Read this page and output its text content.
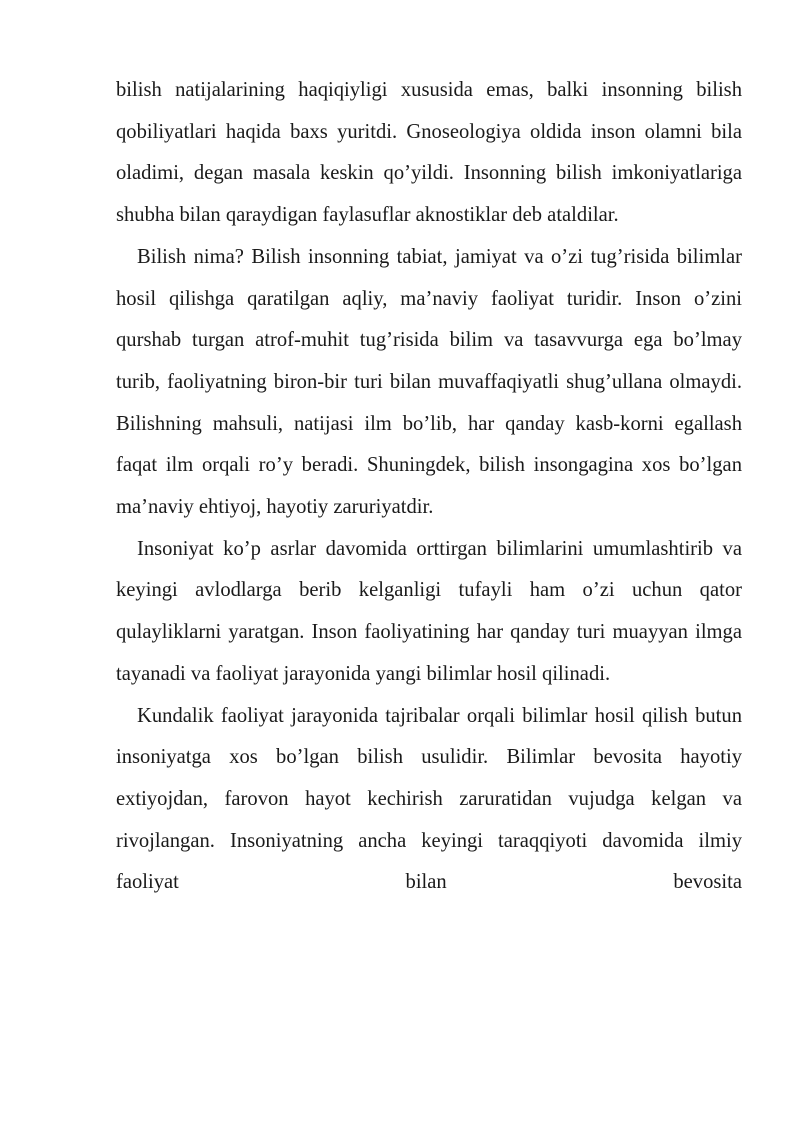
bilish natijalarining haqiqiyligi xususida emas, balki insonning bilish qobiliyatlari haqida baxs yuritdi. Gnoseologiya oldida inson olamni bila oladimi, degan masala keskin qo’yildi. Insonning bilish imkoniyatlariga shubha bilan qaraydigan faylasuflar aknostiklar deb ataldilar.

Bilish nima? Bilish insonning tabiat, jamiyat va o’zi tug’risida bilimlar hosil qilishga qaratilgan aqliy, ma’naviy faoliyat turidir. Inson o’zini qurshab turgan atrof-muhit tug’risida bilim va tasavvurga ega bo’lmay turib, faoliyatning biron-bir turi bilan muvaffaqiyatli shug’ullana olmaydi. Bilishning mahsuli, natijasi ilm bo’lib, har qanday kasb-korni egallash faqat ilm orqali ro’y beradi. Shuningdek, bilish insongagina xos bo’lgan ma’naviy ehtiyoj, hayotiy zaruriyatdir.

Insoniyat ko’p asrlar davomida orttirgan bilimlarini umumlashtirib va keyingi avlodlarga berib kelganligi tufayli ham o’zi uchun qator qulayliklarni yaratgan. Inson faoliyatining har qanday turi muayyan ilmga tayanadi va faoliyat jarayonida yangi bilimlar hosil qilinadi.

Kundalik faoliyat jarayonida tajribalar orqali bilimlar hosil qilish butun insoniyatga xos bo’lgan bilish usulidir. Bilimlar bevosita hayotiy extiyojdan, farovon hayot kechirish zaruratidan vujudga kelgan va rivojlangan. Insoniyatning ancha keyingi taraqqiyoti davomida ilmiy faoliyat bilan bevosita
